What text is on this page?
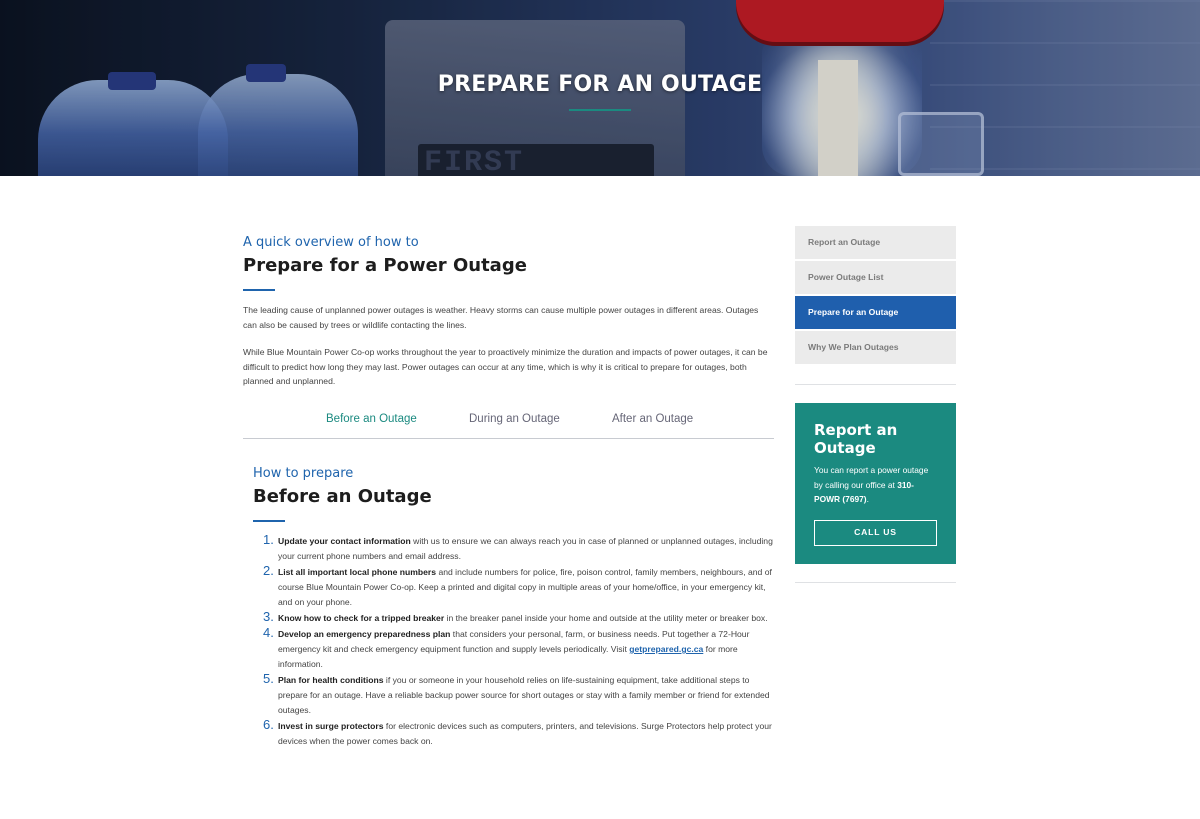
FIRST
PREPARE FOR AN OUTAGE
A quick overview of how to
Prepare for a Power Outage

The leading cause of unplanned power outages is weather. Heavy storms can cause multiple power outages in different areas. Outages can also be caused by trees or wildlife contacting the lines.

While Blue Mountain Power Co-op works throughout the year to proactively minimize the duration and impacts of power outages, it can be difficult to predict how long they may last. Power outages can occur at any time, which is why it is critical to prepare for outages, both planned and unplanned.

Before an Outage	During an Outage	After an Outage
How to prepare
Before an Outage
1. Update your contact information with us to ensure we can always reach you in case of planned or unplanned outages, including your current phone numbers and email address.
2. List all important local phone numbers and include numbers for police, fire, poison control, family members, neighbours, and of course Blue Mountain Power Co-op. Keep a printed and digital copy in multiple areas of your home/office, in your emergency kit, and on your phone.
3. Know how to check for a tripped breaker in the breaker panel inside your home and outside at the utility meter or breaker box.
4. Develop an emergency preparedness plan that considers your personal, farm, or business needs. Put together a 72-Hour emergency kit and check emergency equipment function and supply levels periodically. Visit getprepared.gc.ca for more information.
5. Plan for health conditions if you or someone in your household relies on life-sustaining equipment, take additional steps to prepare for an outage. Have a reliable backup power source for short outages or stay with a family member or friend for extended outages.
6. Invest in surge protectors for electronic devices such as computers, printers, and televisions. Surge Protectors help protect your devices when the power comes back on.
Report an Outage
Power Outage List
Prepare for an Outage
Why We Plan Outages
Report an Outage
You can report a power outage by calling our office at 310-POWR (7697).
CALL US
